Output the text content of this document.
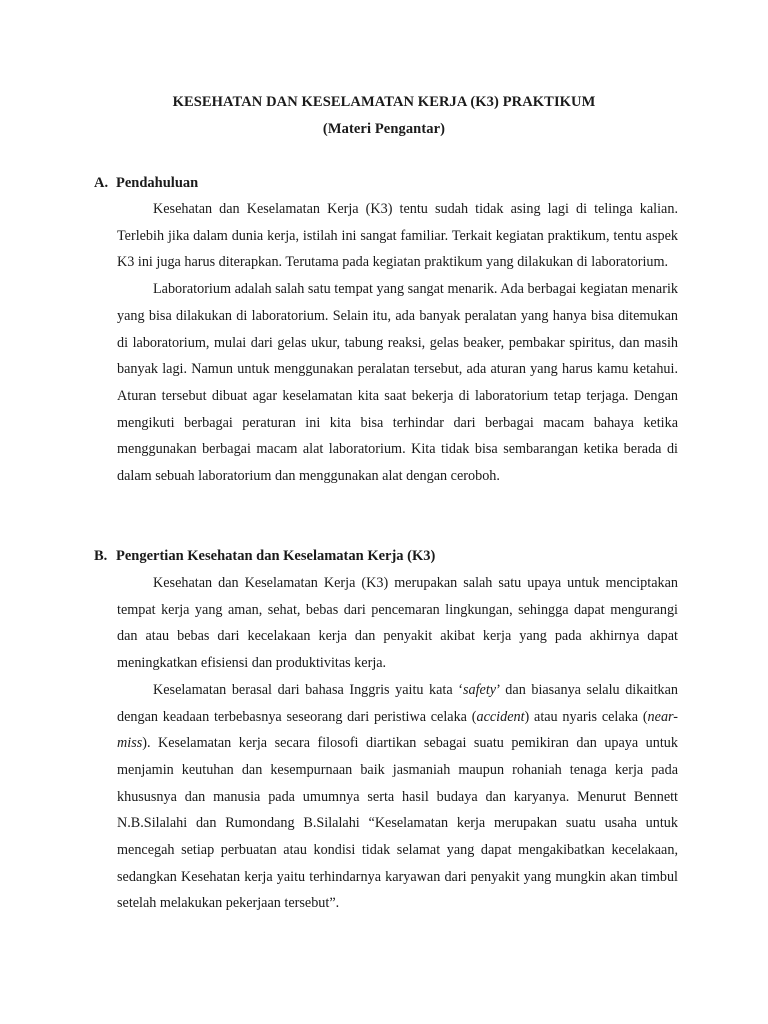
KESEHATAN DAN KESELAMATAN KERJA (K3) PRAKTIKUM
(Materi Pengantar)
A. Pendahuluan

Kesehatan dan Keselamatan Kerja (K3) tentu sudah tidak asing lagi di telinga kalian. Terlebih jika dalam dunia kerja, istilah ini sangat familiar. Terkait kegiatan praktikum, tentu aspek K3 ini juga harus diterapkan. Terutama pada kegiatan praktikum yang dilakukan di laboratorium.

Laboratorium adalah salah satu tempat yang sangat menarik. Ada berbagai kegiatan menarik yang bisa dilakukan di laboratorium. Selain itu, ada banyak peralatan yang hanya bisa ditemukan di laboratorium, mulai dari gelas ukur, tabung reaksi, gelas beaker, pembakar spiritus, dan masih banyak lagi. Namun untuk menggunakan peralatan tersebut, ada aturan yang harus kamu ketahui. Aturan tersebut dibuat agar keselamatan kita saat bekerja di laboratorium tetap terjaga. Dengan mengikuti berbagai peraturan ini kita bisa terhindar dari berbagai macam bahaya ketika menggunakan berbagai macam alat laboratorium. Kita tidak bisa sembarangan ketika berada di dalam sebuah laboratorium dan menggunakan alat dengan ceroboh.

B. Pengertian Kesehatan dan Keselamatan Kerja (K3)

Kesehatan dan Keselamatan Kerja (K3) merupakan salah satu upaya untuk menciptakan tempat kerja yang aman, sehat, bebas dari pencemaran lingkungan, sehingga dapat mengurangi dan atau bebas dari kecelakaan kerja dan penyakit akibat kerja yang pada akhirnya dapat meningkatkan efisiensi dan produktivitas kerja.

Keselamatan berasal dari bahasa Inggris yaitu kata ‘safety’ dan biasanya selalu dikaitkan dengan keadaan terbebasnya seseorang dari peristiwa celaka (accident) atau nyaris celaka (near-miss). Keselamatan kerja secara filosofi diartikan sebagai suatu pemikiran dan upaya untuk menjamin keutuhan dan kesempurnaan baik jasmaniah maupun rohaniah tenaga kerja pada khususnya dan manusia pada umumnya serta hasil budaya dan karyanya. Menurut Bennett N.B.Silalahi dan Rumondang B.Silalahi “Keselamatan kerja merupakan suatu usaha untuk mencegah setiap perbuatan atau kondisi tidak selamat yang dapat mengakibatkan kecelakaan, sedangkan Kesehatan kerja yaitu terhindarnya karyawan dari penyakit yang mungkin akan timbul setelah melakukan pekerjaan tersebut”.
